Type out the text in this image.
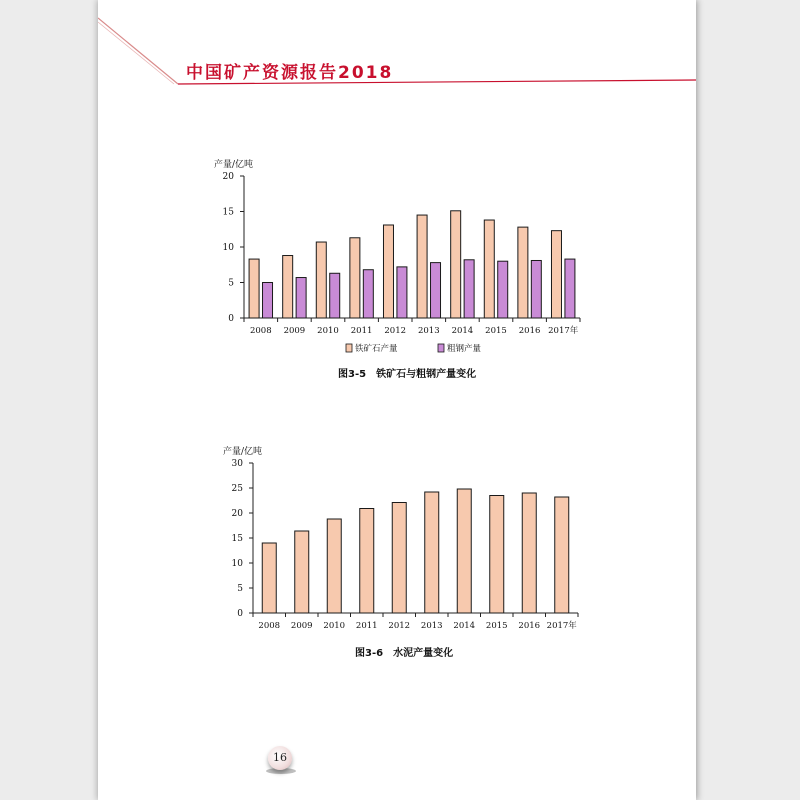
中国矿产资源报告2018
产量/亿吨
0
5
10
15
20
2008 2009 2010 2011 2012 2013 2014 2015 2016 2017年
铁矿石产量	粗钢产量
图3-5 铁矿石与粗钢产量变化
产量/亿吨
0
5
10
15
20
25
30
2008 2009 2010 2011 2012 2013 2014 2015 2016 2017年
图3-6 水泥产量变化
16
